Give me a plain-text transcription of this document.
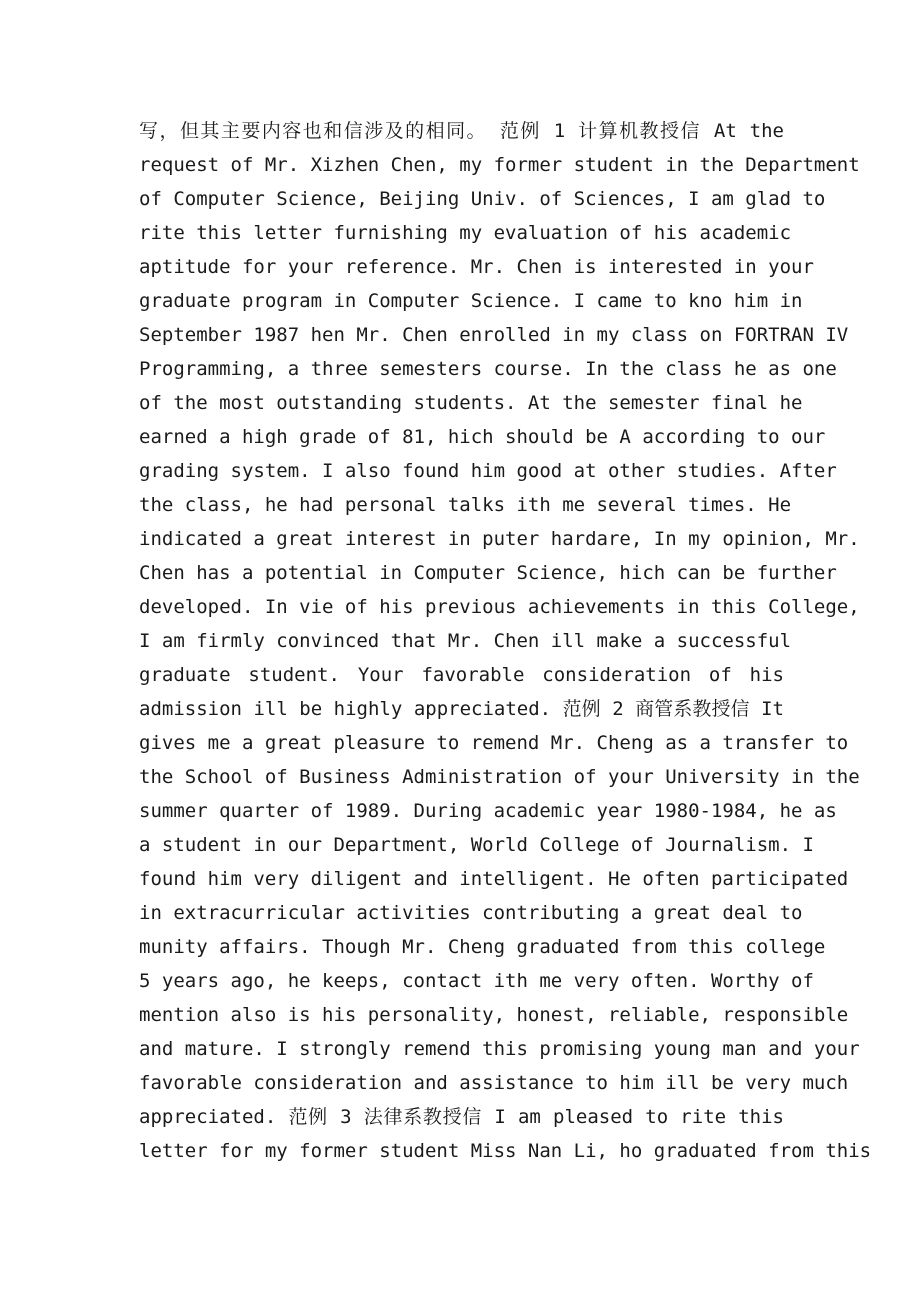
写，但其主要内容也和信涉及的相同。 范例 1 计算机教授信 At the
request of Mr. Xizhen Chen, my former student in the Department
of Computer Science, Beijing Univ. of Sciences, I am glad to
rite this letter furnishing my evaluation of his academic
aptitude for your reference. Mr. Chen is interested in your
graduate program in Computer Science. I came to kno him in
September 1987 hen Mr. Chen enrolled in my class on FORTRAN IV
Programming, a three semesters course. In the class he as one
of the most outstanding students. At the semester final he
earned a high grade of 81, hich should be A according to our
grading system. I also found him good at other studies. After
the class, he had personal talks ith me several times. He
indicated a great interest in puter hardare, In my opinion, Mr.
Chen has a potential in Computer Science, hich can be further
developed. In vie of his previous achievements in this College,
I am firmly convinced that Mr. Chen ill make a successful
graduate student. Your favorable consideration of his
admission ill be highly appreciated. 范例 2 商管系教授信 It
gives me a great pleasure to remend Mr. Cheng as a transfer to
the School of Business Administration of your University in the
summer quarter of 1989. During academic year 1980-1984, he as
a student in our Department, World College of Journalism. I
found him very diligent and intelligent. He often participated
in extracurricular activities contributing a great deal to
munity affairs. Though Mr. Cheng graduated from this college
5 years ago, he keeps, contact ith me very often. Worthy of
mention also is his personality, honest, reliable, responsible
and mature. I strongly remend this promising young man and your
favorable consideration and assistance to him ill be very much
appreciated. 范例 3 法律系教授信 I am pleased to rite this
letter for my former student Miss Nan Li, ho graduated from this
